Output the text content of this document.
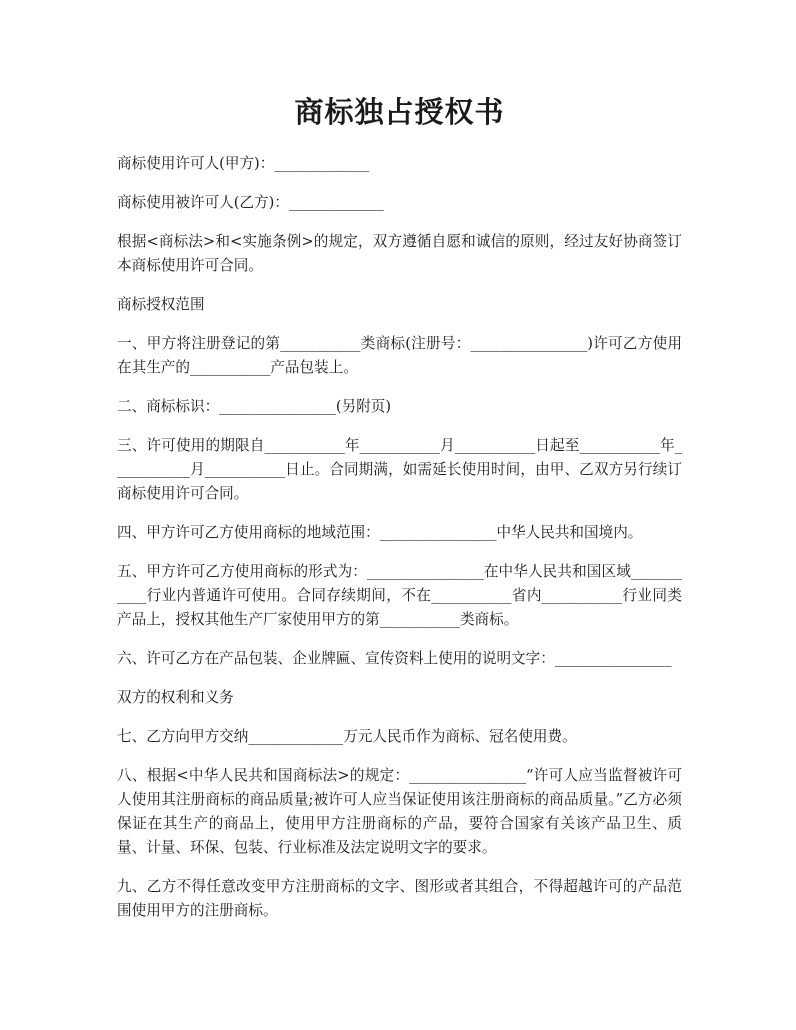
商标独占授权书

商标使用许可人(甲方)：_____________

商标使用被许可人(乙方)：_____________

根据<商标法>和<实施条例>的规定，双方遵循自愿和诚信的原则，经过友好协商签订本商标使用许可合同。

商标授权范围

一、甲方将注册登记的第___________类商标(注册号：________________)许可乙方使用在其生产的___________产品包装上。

二、商标标识：________________(另附页)

三、许可使用的期限自___________年___________月___________日起至___________年___________月___________日止。合同期满，如需延长使用时间，由甲、乙双方另行续订商标使用许可合同。

四、甲方许可乙方使用商标的地域范围：________________中华人民共和国境内。

五、甲方许可乙方使用商标的形式为：________________在中华人民共和国区域___________行业内普通许可使用。合同存续期间，不在___________省内___________行业同类产品上，授权其他生产厂家使用甲方的第___________类商标。

六、许可乙方在产品包装、企业牌匾、宣传资料上使用的说明文字：________________

双方的权利和义务

七、乙方向甲方交纳_____________万元人民币作为商标、冠名使用费。

八、根据<中华人民共和国商标法>的规定：________________“许可人应当监督被许可人使用其注册商标的商品质量;被许可人应当保证使用该注册商标的商品质量。”乙方必须保证在其生产的商品上，使用甲方注册商标的产品，要符合国家有关该产品卫生、质量、计量、环保、包装、行业标准及法定说明文字的要求。

九、乙方不得任意改变甲方注册商标的文字、图形或者其组合，不得超越许可的产品范围使用甲方的注册商标。
